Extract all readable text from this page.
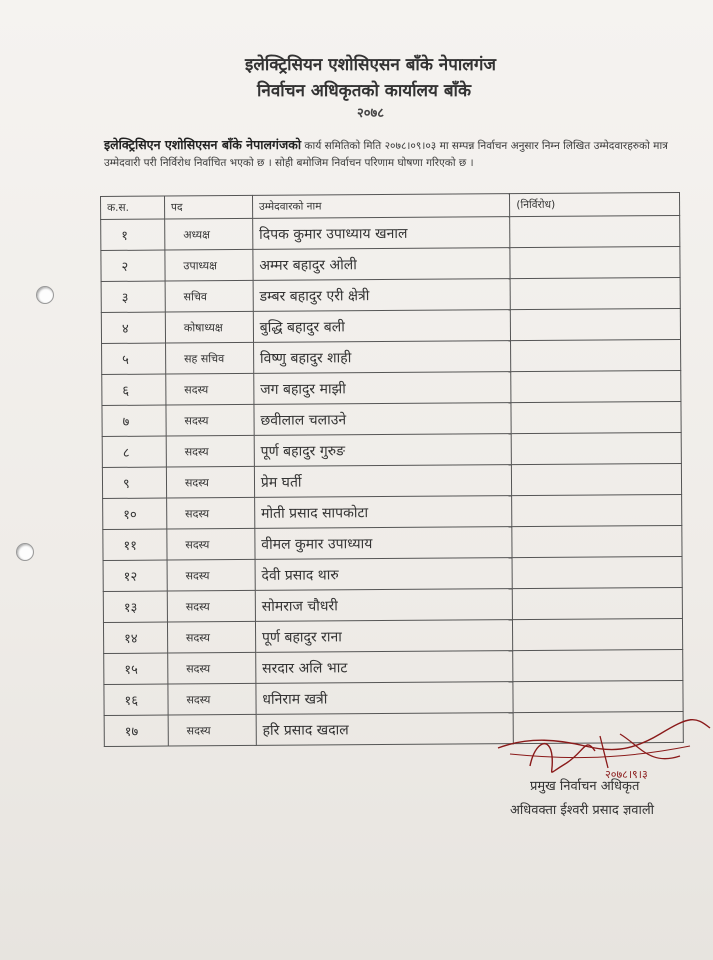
इलेक्ट्रिसियन एशोसिएसन बाँके नेपालगंज
निर्वाचन अधिकृतको कार्यालय बाँके
२०७८
इलेक्ट्रिसिएन एशोसिएसन बाँके नेपालगंजको कार्य समितिको मिति २०७८।०९।०३ मा सम्पन्न निर्वाचन अनुसार निम्न लिखित उम्मेदवारहरुको मात्र उम्मेदवारी परी निर्विरोध निर्वाचित भएको छ । सोही बमोजिम निर्वाचन परिणाम घोषणा गरिएको छ ।
क.स.	पद	उम्मेदवारको नाम	(निर्विरोध)
१	अध्यक्ष	दिपक कुमार उपाध्याय खनाल	
२	उपाध्यक्ष	अम्मर बहादुर ओली	
३	सचिव	डम्बर बहादुर एरी क्षेत्री	
४	कोषाध्यक्ष	बुद्धि बहादुर बली	
५	सह सचिव	विष्णु बहादुर शाही	
६	सदस्य	जग बहादुर माझी	
७	सदस्य	छवीलाल चलाउने	
८	सदस्य	पूर्ण बहादुर गुरुङ	
९	सदस्य	प्रेम घर्ती	
१०	सदस्य	मोती प्रसाद सापकोटा	
११	सदस्य	वीमल कुमार उपाध्याय	
१२	सदस्य	देवी प्रसाद थारु	
१३	सदस्य	सोमराज चौधरी	
१४	सदस्य	पूर्ण बहादुर राना	
१५	सदस्य	सरदार अलि भाट	
१६	सदस्य	धनिराम खत्री	
१७	सदस्य	हरि प्रसाद खदाल	
२०७८।९।३
प्रमुख निर्वाचन अधिकृत
अधिवक्ता ईश्वरी प्रसाद ज्ञवाली
